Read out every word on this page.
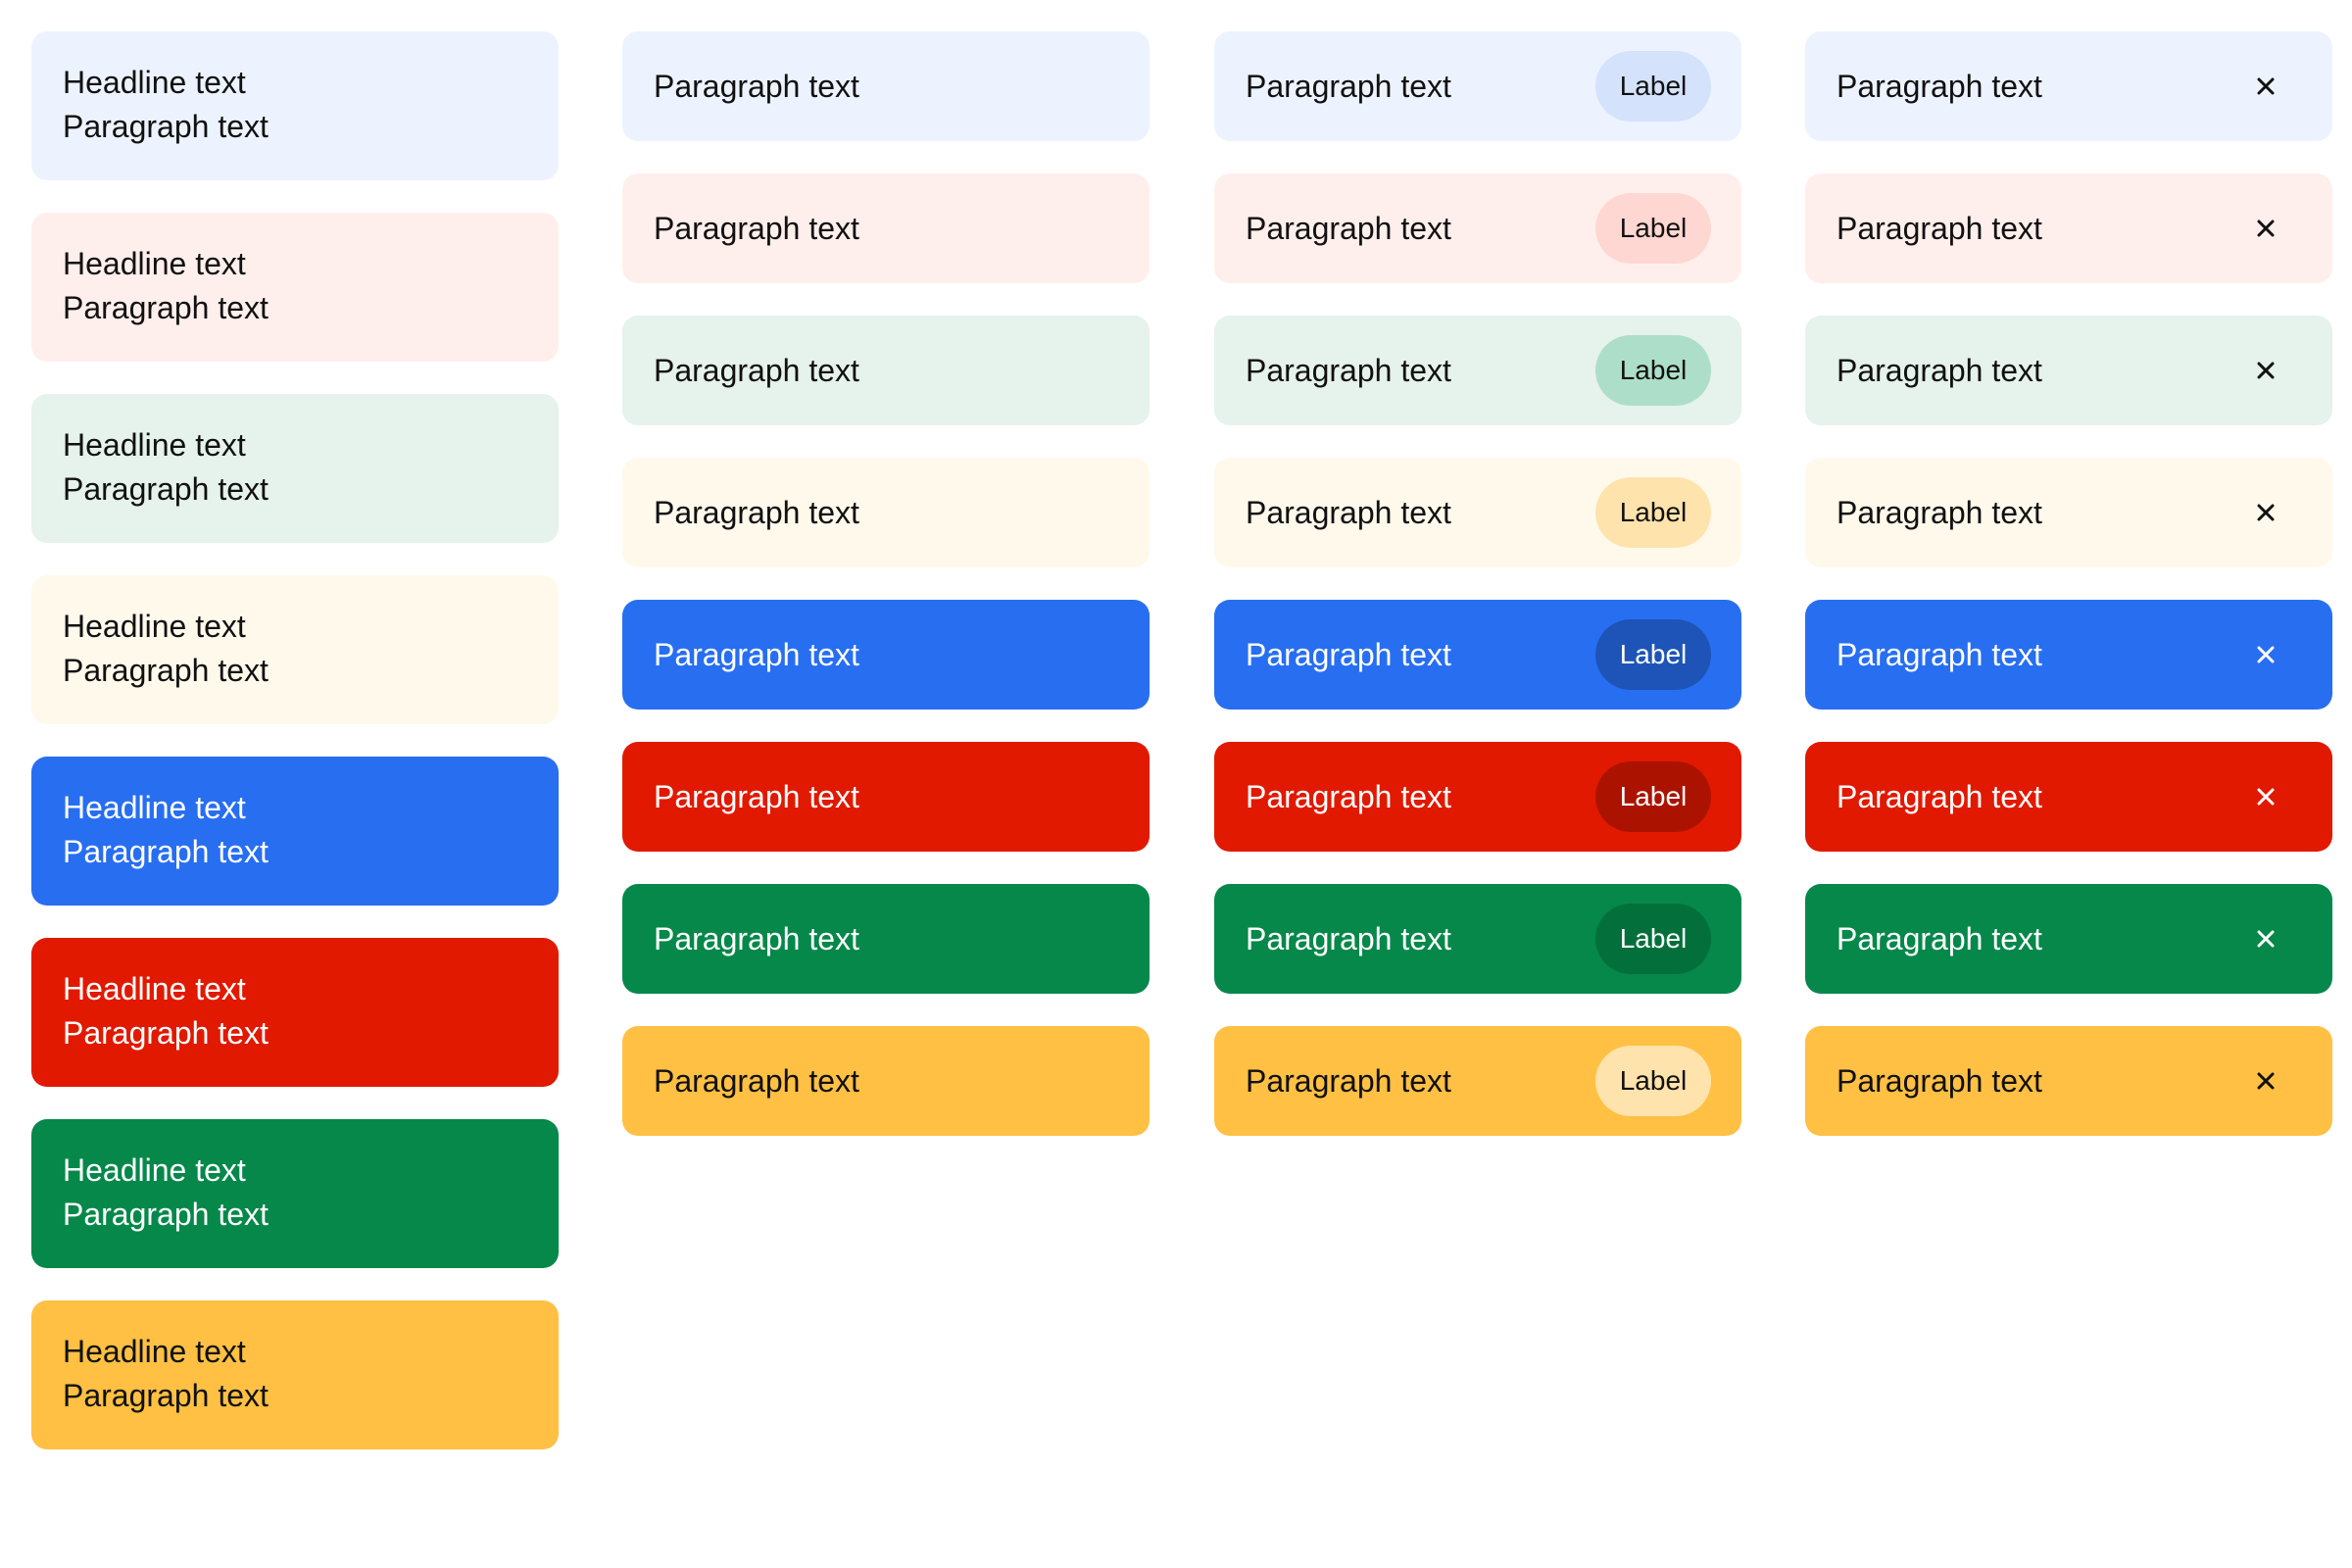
Headline text
Paragraph text
Headline text
Paragraph text
Headline text
Paragraph text
Headline text
Paragraph text
Headline text
Paragraph text
Headline text
Paragraph text
Headline text
Paragraph text
Headline text
Paragraph text
Paragraph text
Paragraph text
Paragraph text
Paragraph text
Paragraph text
Paragraph text
Paragraph text
Paragraph text
Paragraph text	Label
Paragraph text	Label
Paragraph text	Label
Paragraph text	Label
Paragraph text	Label
Paragraph text	Label
Paragraph text	Label
Paragraph text	Label
Paragraph text
Paragraph text
Paragraph text
Paragraph text
Paragraph text
Paragraph text
Paragraph text
Paragraph text
